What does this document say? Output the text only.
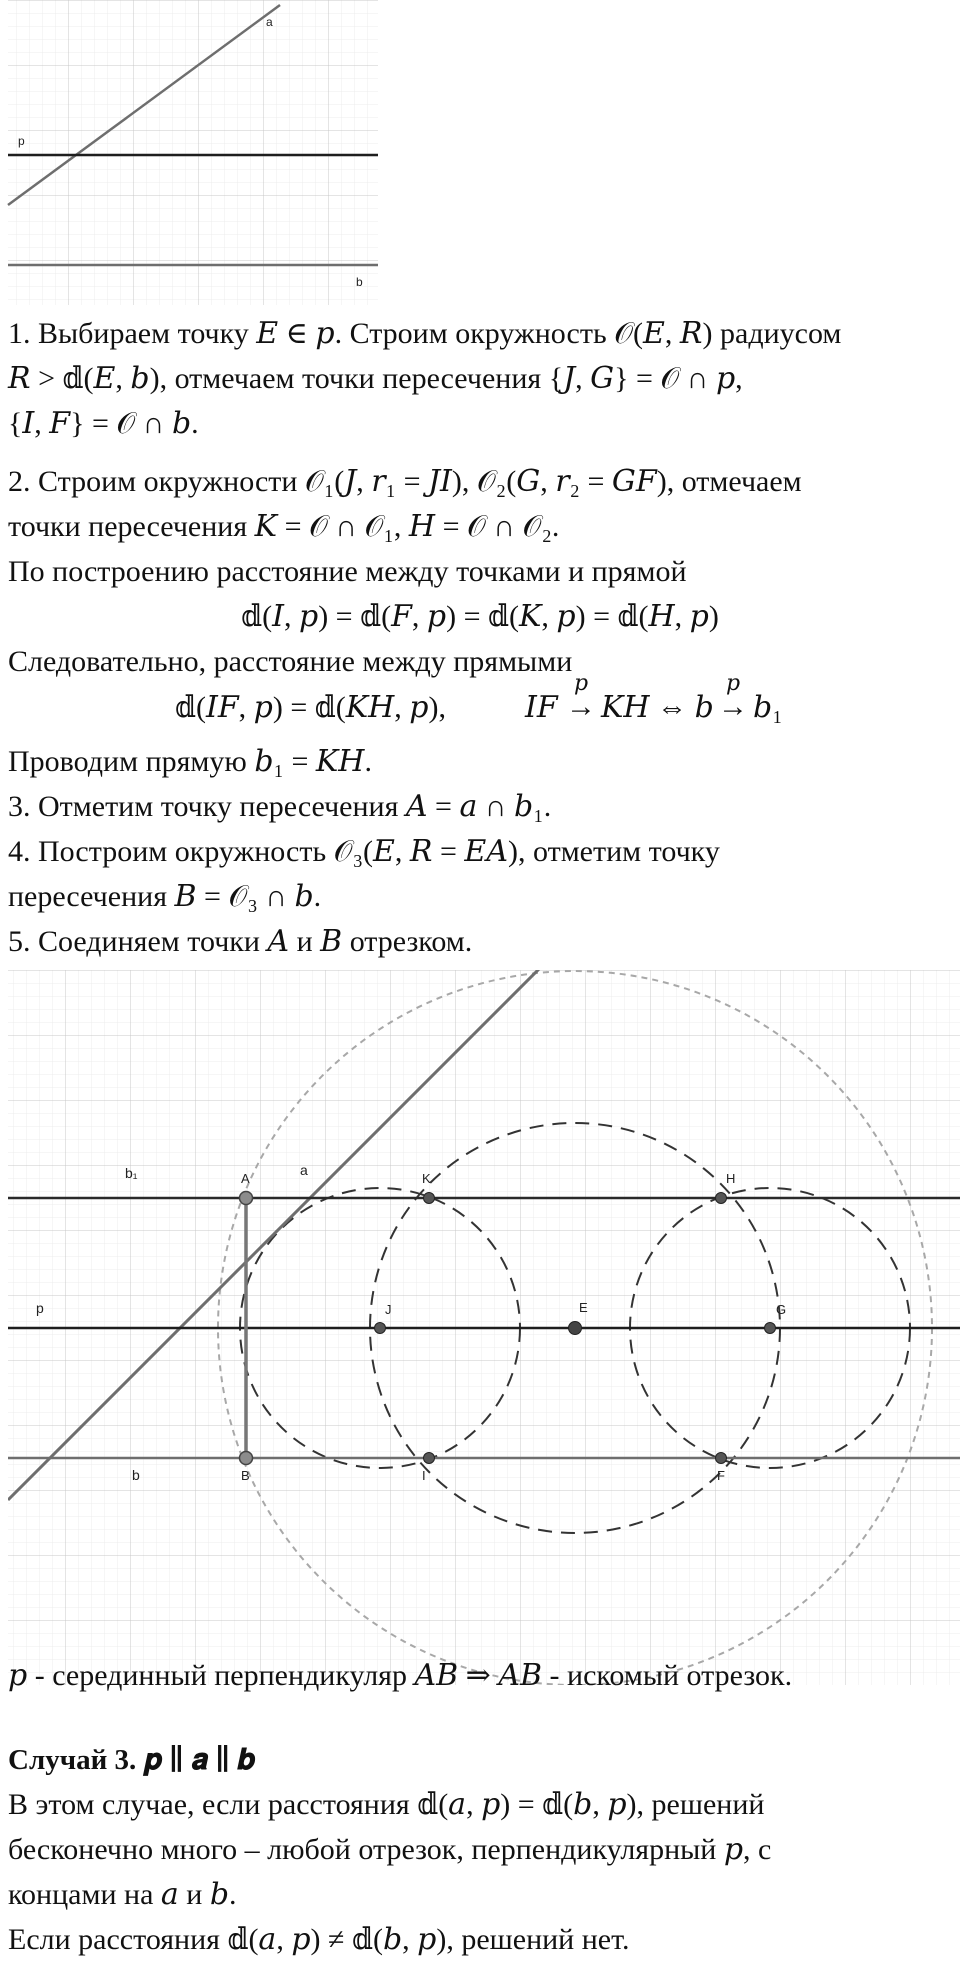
a
p
b
1. Выбираем точку 𝐸 ∈ 𝑝. Строим окружность 𝒪(𝐸, 𝑅) радиусом
𝑅 > 𝕕(𝐸, 𝑏), отмечаем точки пересечения {𝐽, 𝐺} = 𝒪 ∩ 𝑝,
{𝐼, 𝐹} = 𝒪 ∩ 𝑏.
2. Строим окружности 𝒪₁(𝐽, 𝑟₁ = 𝐽𝐼), 𝒪₂(𝐺, 𝑟₂ = 𝐺𝐹), отмечаем
точки пересечения 𝐾 = 𝒪 ∩ 𝒪₁, 𝐻 = 𝒪 ∩ 𝒪₂.
По построению расстояние между точками и прямой
𝕕(𝐼, 𝑝) = 𝕕(𝐹, 𝑝) = 𝕕(𝐾, 𝑝) = 𝕕(𝐻, 𝑝)
Следовательно, расстояние между прямыми
𝕕(𝐼𝐹, 𝑝) = 𝕕(𝐾𝐻, 𝑝),	𝐼𝐹 →
𝑝
𝐾𝐻 ⇔ 𝑏 →
𝑝
𝑏₁
Проводим прямую 𝑏₁ = 𝐾𝐻.
3. Отметим точку пересечения 𝐴 = 𝑎 ∩ 𝑏₁.
4. Построим окружность 𝒪₃(𝐸, 𝑅 = 𝐸𝐴), отметим точку
пересечения 𝐵 = 𝒪₃ ∩ 𝑏.
5. Соединяем точки 𝐴 и 𝐵 отрезком.
b₁	a
p
b
A	K	H
J	E	G
B	I	F
𝑝 - серединный перпендикуляр 𝐴𝐵 ⇒ 𝐴𝐵 - искомый отрезок.
Случай 3. 𝒑 ∥ 𝒂 ∥ 𝒃
В этом случае, если расстояния 𝕕(𝑎, 𝑝) = 𝕕(𝑏, 𝑝), решений
бесконечно много – любой отрезок, перпендикулярный 𝑝, с
концами на 𝑎 и 𝑏.
Если расстояния 𝕕(𝑎, 𝑝) ≠ 𝕕(𝑏, 𝑝), решений нет.
